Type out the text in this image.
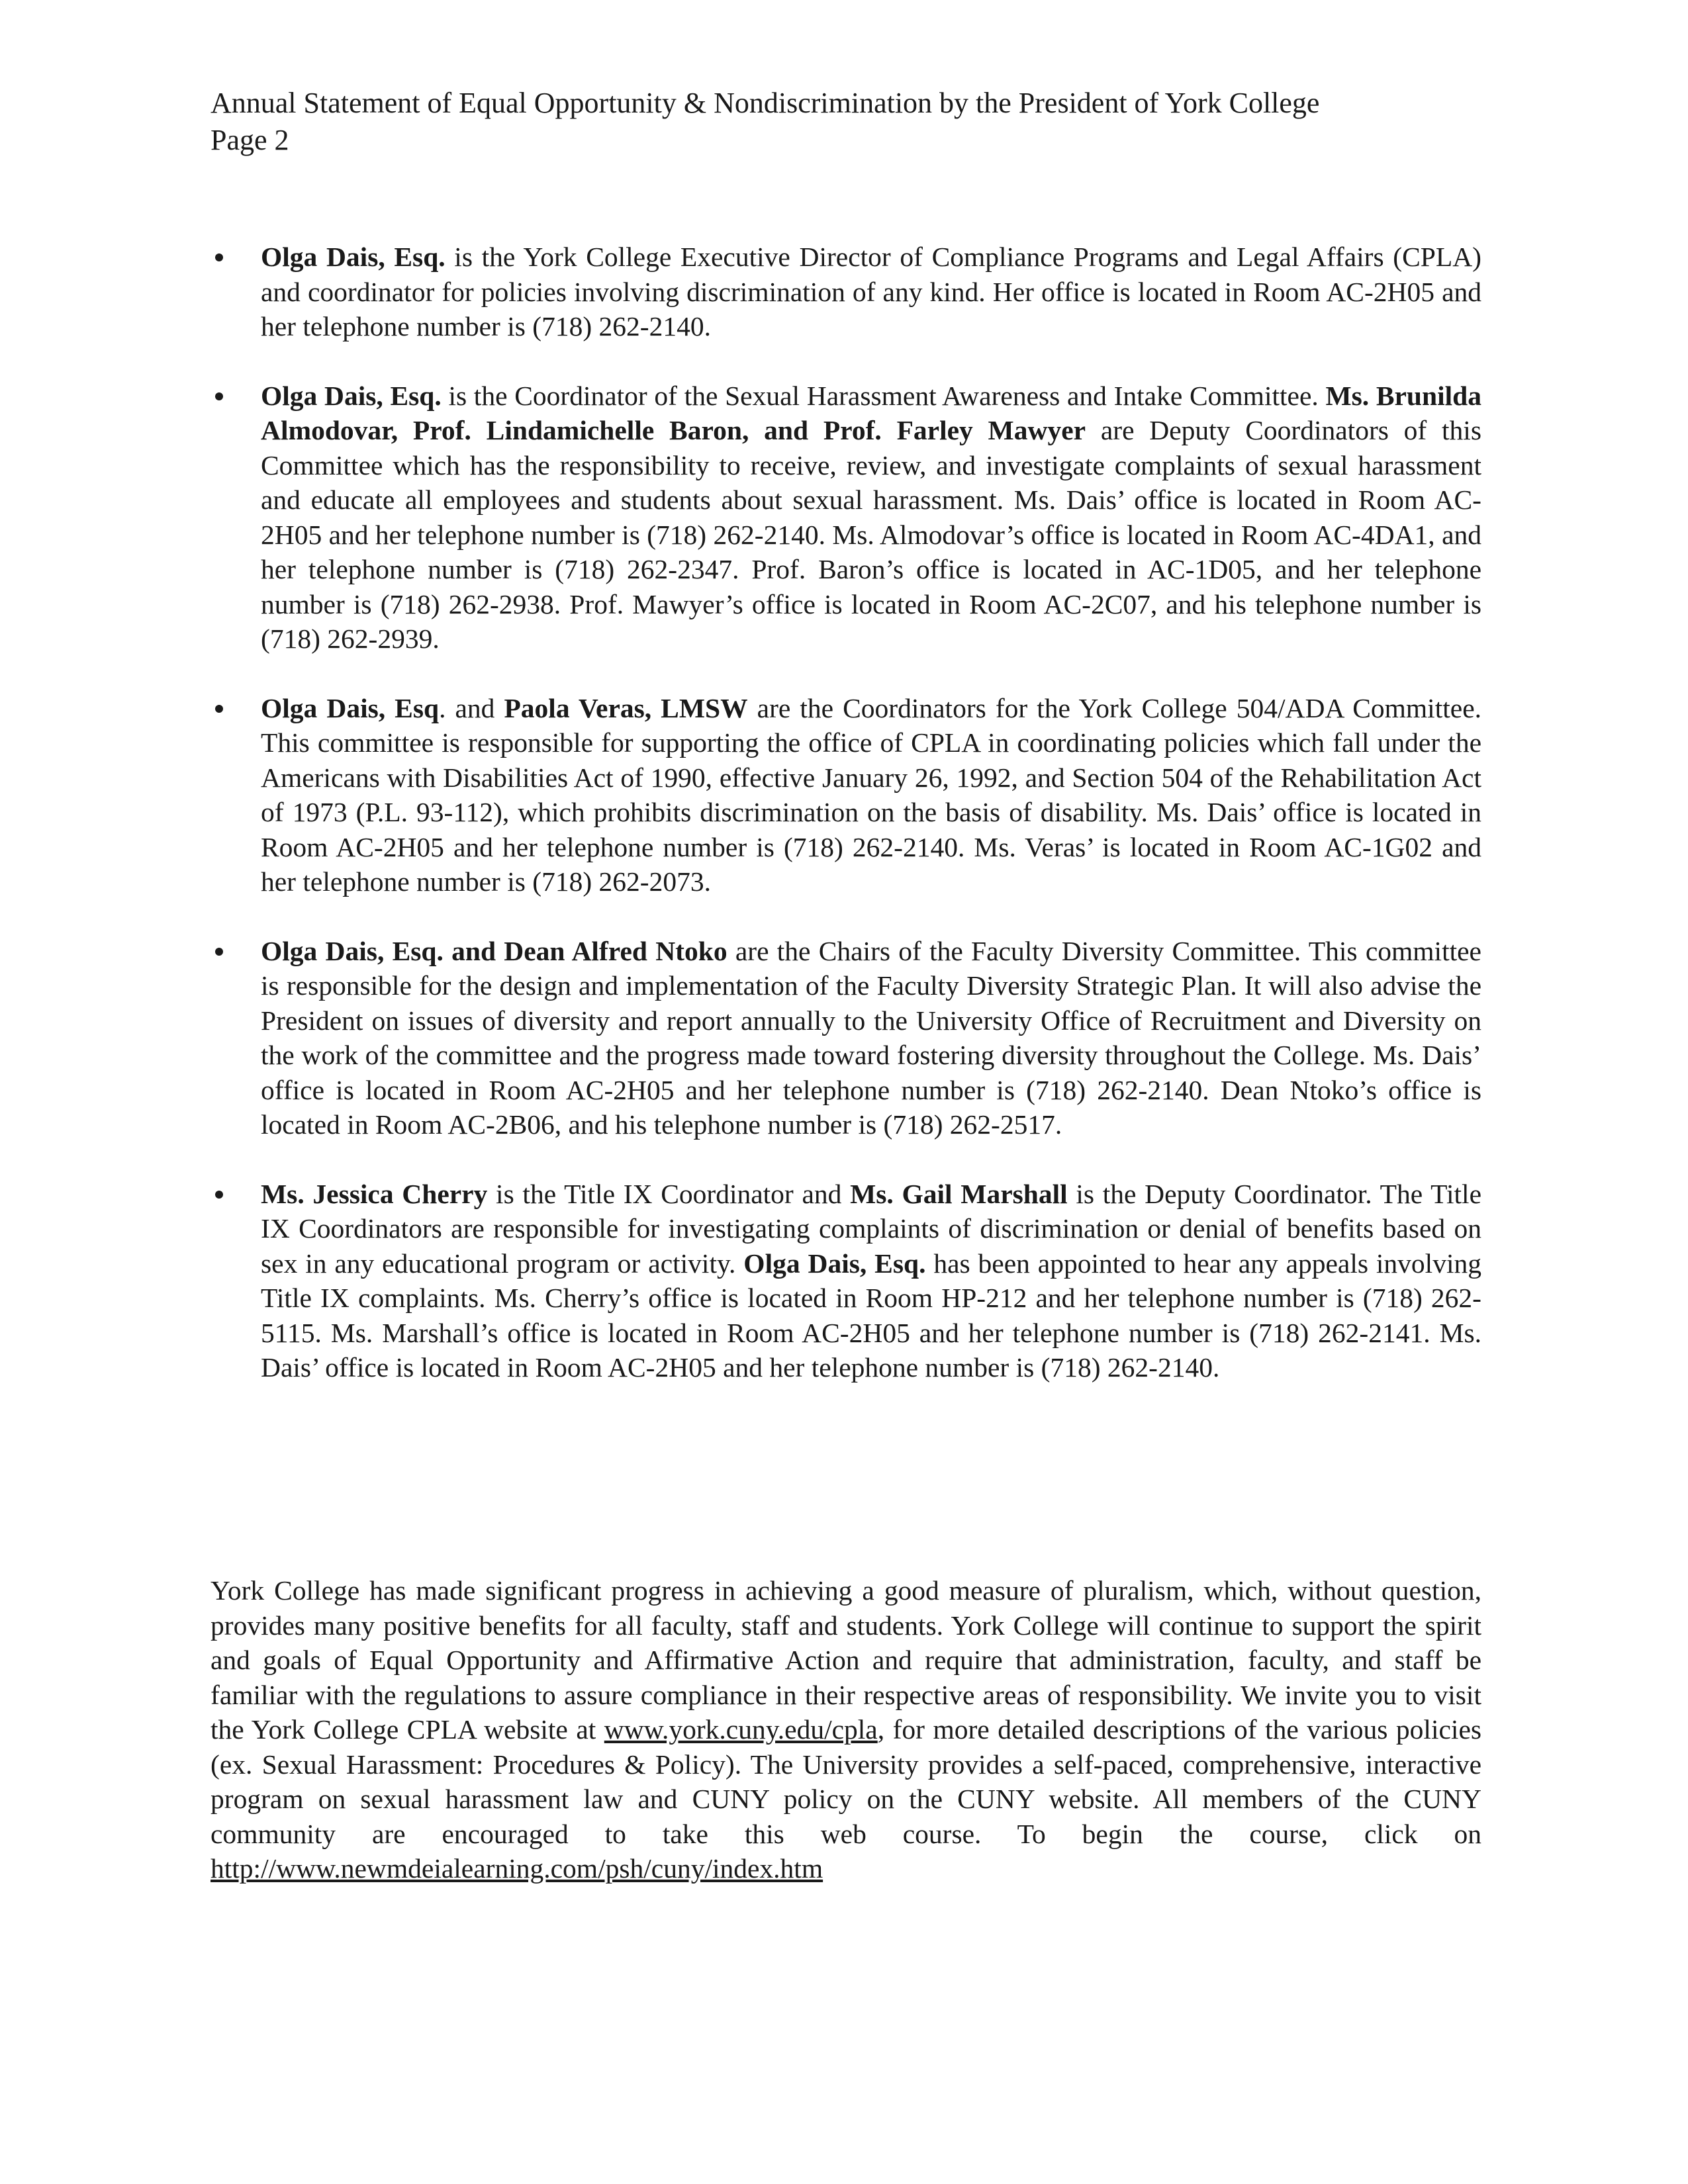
Annual Statement of Equal Opportunity & Nondiscrimination by the President of York College
Page 2
Olga Dais, Esq. is the York College Executive Director of Compliance Programs and Legal Affairs (CPLA) and coordinator for policies involving discrimination of any kind. Her office is located in Room AC-2H05 and her telephone number is (718) 262-2140.
Olga Dais, Esq. is the Coordinator of the Sexual Harassment Awareness and Intake Committee. Ms. Brunilda Almodovar, Prof. Lindamichelle Baron, and Prof. Farley Mawyer are Deputy Coordinators of this Committee which has the responsibility to receive, review, and investigate complaints of sexual harassment and educate all employees and students about sexual harassment. Ms. Dais’ office is located in Room AC-2H05 and her telephone number is (718) 262-2140. Ms. Almodovar’s office is located in Room AC-4DA1, and her telephone number is (718) 262-2347. Prof. Baron’s office is located in AC-1D05, and her telephone number is (718) 262-2938. Prof. Mawyer’s office is located in Room AC-2C07, and his telephone number is (718) 262-2939.
Olga Dais, Esq. and Paola Veras, LMSW are the Coordinators for the York College 504/ADA Committee. This committee is responsible for supporting the office of CPLA in coordinating policies which fall under the Americans with Disabilities Act of 1990, effective January 26, 1992, and Section 504 of the Rehabilitation Act of 1973 (P.L. 93-112), which prohibits discrimination on the basis of disability. Ms. Dais’ office is located in Room AC-2H05 and her telephone number is (718) 262-2140. Ms. Veras’ is located in Room AC-1G02 and her telephone number is (718) 262-2073.
Olga Dais, Esq. and Dean Alfred Ntoko are the Chairs of the Faculty Diversity Committee. This committee is responsible for the design and implementation of the Faculty Diversity Strategic Plan. It will also advise the President on issues of diversity and report annually to the University Office of Recruitment and Diversity on the work of the committee and the progress made toward fostering diversity throughout the College. Ms. Dais’ office is located in Room AC-2H05 and her telephone number is (718) 262-2140. Dean Ntoko’s office is located in Room AC-2B06, and his telephone number is (718) 262-2517.
Ms. Jessica Cherry is the Title IX Coordinator and Ms. Gail Marshall is the Deputy Coordinator. The Title IX Coordinators are responsible for investigating complaints of discrimination or denial of benefits based on sex in any educational program or activity. Olga Dais, Esq. has been appointed to hear any appeals involving Title IX complaints. Ms. Cherry’s office is located in Room HP-212 and her telephone number is (718) 262-5115. Ms. Marshall’s office is located in Room AC-2H05 and her telephone number is (718) 262-2141. Ms. Dais’ office is located in Room AC-2H05 and her telephone number is (718) 262-2140.

York College has made significant progress in achieving a good measure of pluralism, which, without question, provides many positive benefits for all faculty, staff and students. York College will continue to support the spirit and goals of Equal Opportunity and Affirmative Action and require that administration, faculty, and staff be familiar with the regulations to assure compliance in their respective areas of responsibility. We invite you to visit the York College CPLA website at www.york.cuny.edu/cpla, for more detailed descriptions of the various policies (ex. Sexual Harassment: Procedures & Policy). The University provides a self-paced, comprehensive, interactive program on sexual harassment law and CUNY policy on the CUNY website. All members of the CUNY community are encouraged to take this web course. To begin the course, click on http://www.newmdeialearning.com/psh/cuny/index.htm
